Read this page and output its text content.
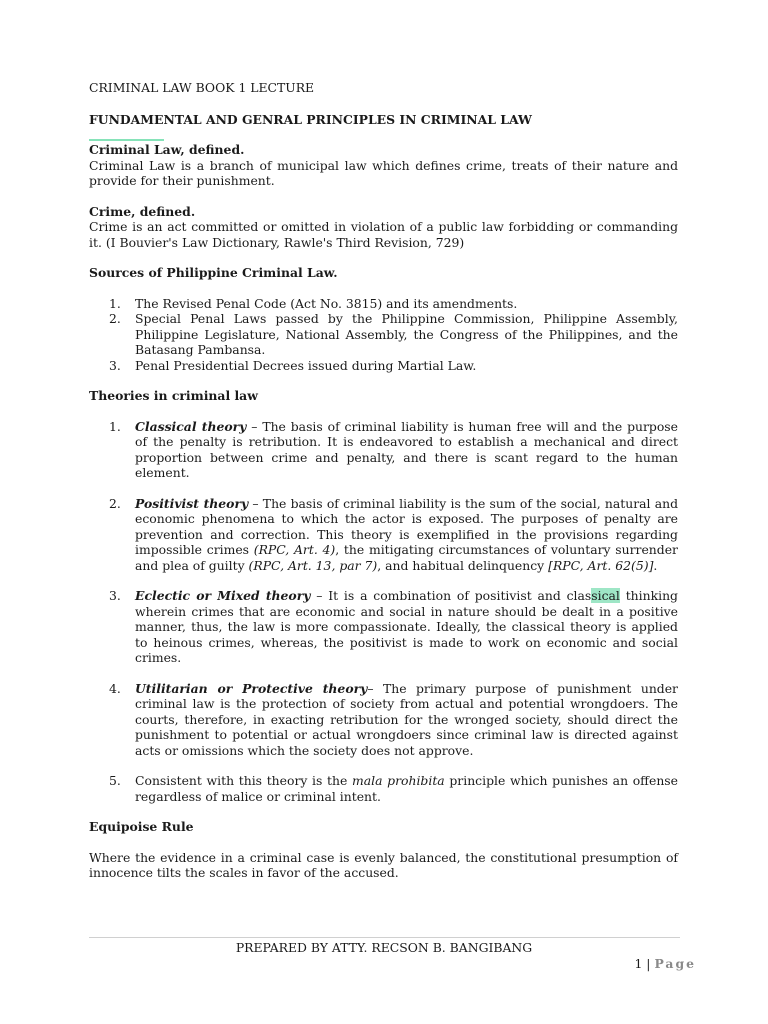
CRIMINAL LAW BOOK 1 LECTURE
FUNDAMENTAL AND GENRAL PRINCIPLES IN CRIMINAL LAW
Criminal Law, defined.

Criminal Law is a branch of municipal law which defines crime, treats of their nature and provide for their punishment.

Crime, defined.

Crime is an act committed or omitted in violation of a public law forbidding or commanding it. (I Bouvier's Law Dictionary, Rawle's Third Revision, 729)

Sources of Philippine Criminal Law.
1. The Revised Penal Code (Act No. 3815) and its amendments.
2. Special Penal Laws passed by the Philippine Commission, Philippine Assembly, Philippine Legislature, National Assembly, the Congress of the Philippines, and the Batasang Pambansa.
3. Penal Presidential Decrees issued during Martial Law.
Theories in criminal law
1. Classical theory – The basis of criminal liability is human free will and the purpose of the penalty is retribution. It is endeavored to establish a mechanical and direct proportion between crime and penalty, and there is scant regard to the human element.
2. Positivist theory – The basis of criminal liability is the sum of the social, natural and economic phenomena to which the actor is exposed. The purposes of penalty are prevention and correction. This theory is exemplified in the provisions regarding impossible crimes (RPC, Art. 4), the mitigating circumstances of voluntary surrender and plea of guilty (RPC, Art. 13, par 7), and habitual delinquency [RPC, Art. 62(5)].
3. Eclectic or Mixed theory – It is a combination of positivist and classical thinking wherein crimes that are economic and social in nature should be dealt in a positive manner, thus, the law is more compassionate. Ideally, the classical theory is applied to heinous crimes, whereas, the positivist is made to work on economic and social crimes.
4. Utilitarian or Protective theory– The primary purpose of punishment under criminal law is the protection of society from actual and potential wrongdoers. The courts, therefore, in exacting retribution for the wronged society, should direct the punishment to potential or actual wrongdoers since criminal law is directed against acts or omissions which the society does not approve.
5. Consistent with this theory is the mala prohibita principle which punishes an offense regardless of malice or criminal intent.
Equipoise Rule

Where the evidence in a criminal case is evenly balanced, the constitutional presumption of innocence tilts the scales in favor of the accused.

PREPARED BY ATTY. RECSON B. BANGIBANG
1 | Page
